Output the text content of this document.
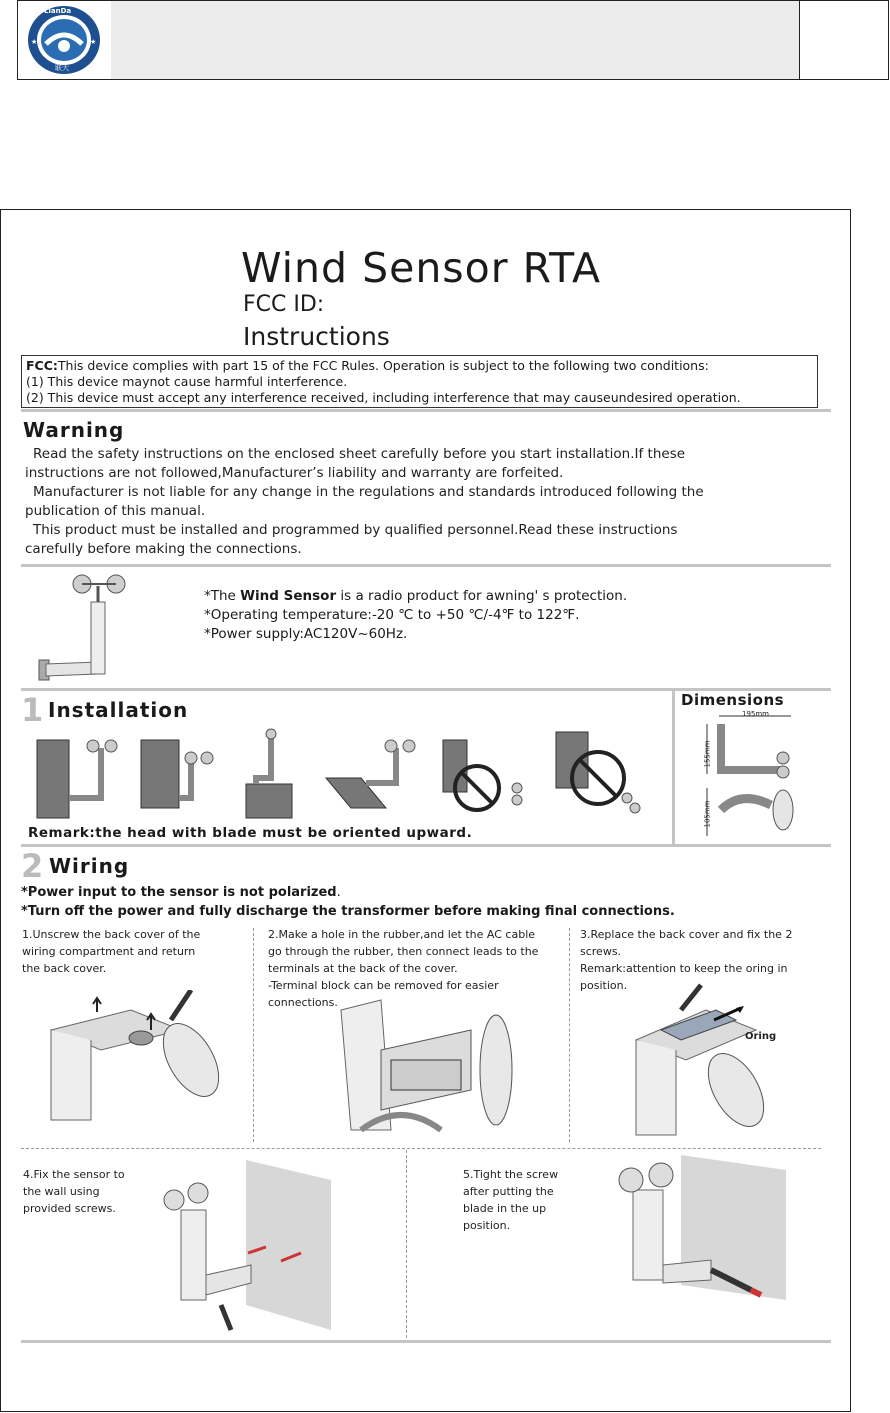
★	★
LianDa
联大
Wind Sensor RTA
FCC ID:
Instructions
FCC:This device complies with part 15 of the FCC Rules. Operation is subject to the following two conditions:
(1) This device maynot cause harmful interference.
(2) This device must accept any interference received, including interference that may causeundesired operation.
Warning
Read the safety instructions on the enclosed sheet carefully before you start installation.If these
instructions are not followed,Manufacturer’s liability and warranty are forfeited.
Manufacturer is not liable for any change in the regulations and standards introduced following the
publication of this manual.
This product must be installed and programmed by qualified personnel.Read these instructions
carefully before making the connections.
*The Wind Sensor is a radio product for awning' s protection.
*Operating temperature:-20 ℃ to +50 ℃/-4℉ to 122℉.
*Power supply:AC120V~60Hz.
1 Installation
Remark:the head with blade must be oriented upward.
Dimensions
195mm
155mm
105mm
2 Wiring
*Power input to the sensor is not polarized.
*Turn off the power and fully discharge the transformer before making final connections.
1.Unscrew the back cover of the
wiring compartment and return
the back cover.
2.Make a hole in the rubber,and let the AC cable
go through the rubber, then connect leads to the
terminals at the back of the cover.
-Terminal block can be removed for easier
connections.
3.Replace the back cover and fix the 2
screws.
Remark:attention to keep the oring in
position.
Oring
4.Fix the sensor to
the wall using
provided screws.
5.Tight the screw
after putting the
blade in the up
position.
